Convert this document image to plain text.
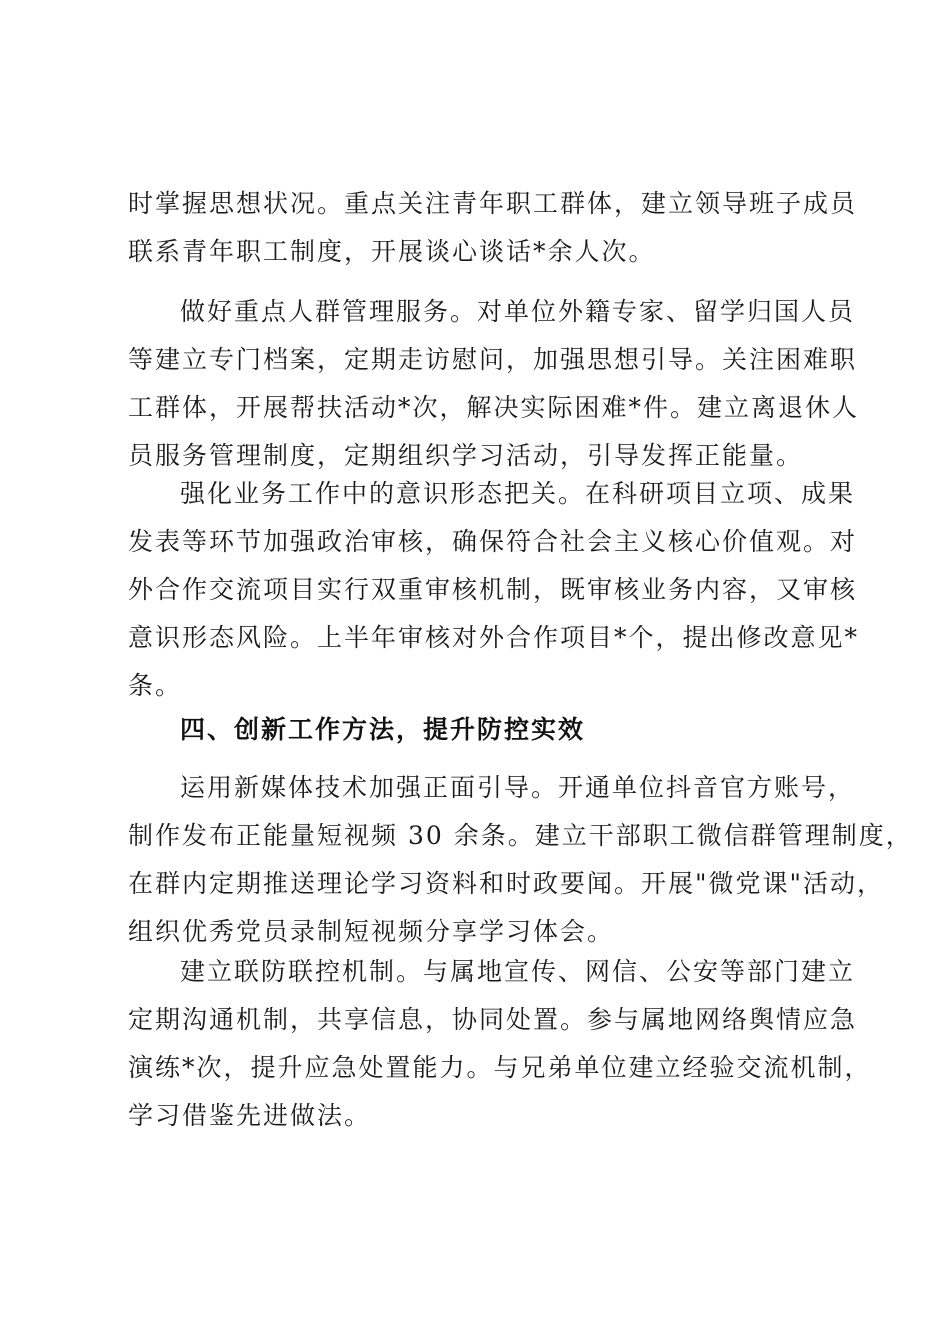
时掌握思想状况。重点关注青年职工群体，建立领导班子成员
联系青年职工制度，开展谈心谈话*余人次。
做好重点人群管理服务。对单位外籍专家、留学归国人员
等建立专门档案，定期走访慰问，加强思想引导。关注困难职
工群体，开展帮扶活动*次，解决实际困难*件。建立离退休人
员服务管理制度，定期组织学习活动，引导发挥正能量。
强化业务工作中的意识形态把关。在科研项目立项、成果
发表等环节加强政治审核，确保符合社会主义核心价值观。对
外合作交流项目实行双重审核机制，既审核业务内容，又审核
意识形态风险。上半年审核对外合作项目*个，提出修改意见*
条。
四、创新工作方法，提升防控实效
运用新媒体技术加强正面引导。开通单位抖音官方账号，
制作发布正能量短视频 30 余条。建立干部职工微信群管理制度，
在群内定期推送理论学习资料和时政要闻。开展"微党课"活动，
组织优秀党员录制短视频分享学习体会。
建立联防联控机制。与属地宣传、网信、公安等部门建立
定期沟通机制，共享信息，协同处置。参与属地网络舆情应急
演练*次，提升应急处置能力。与兄弟单位建立经验交流机制，
学习借鉴先进做法。
